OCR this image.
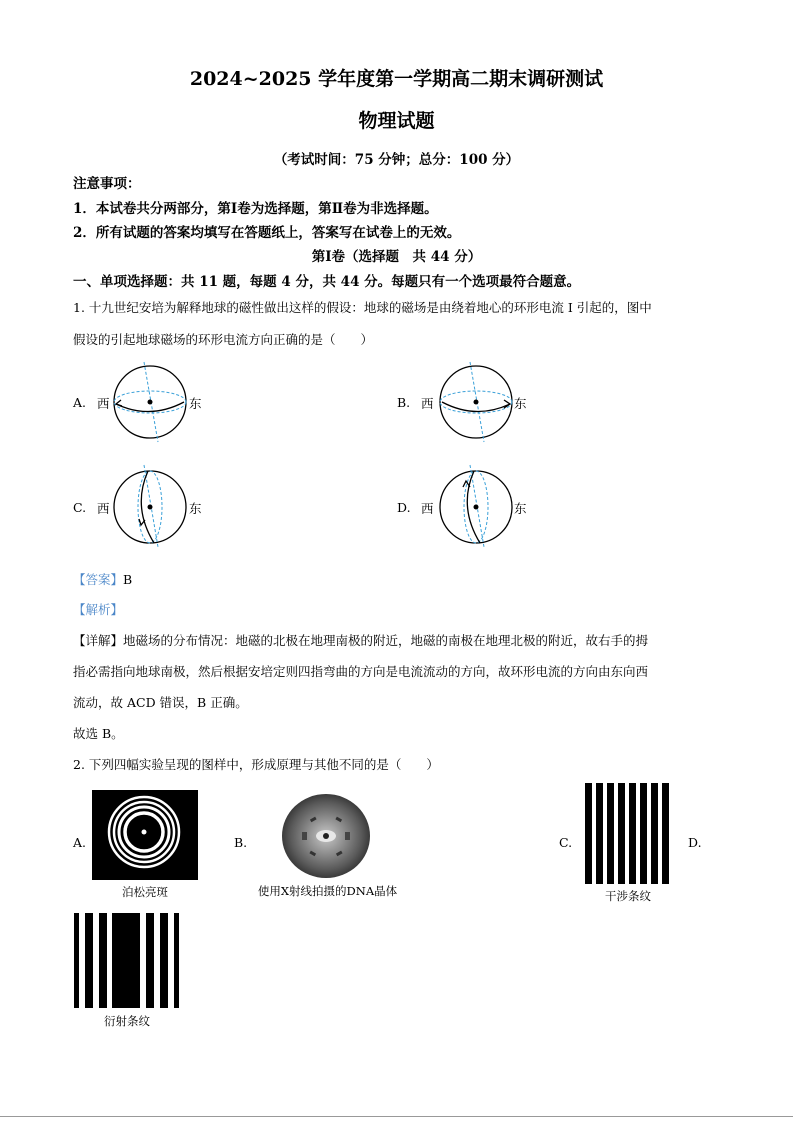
2024~2025 学年度第一学期高二期末调研测试
物理试题
（考试时间：75 分钟；总分：100 分）
注意事项：
1．本试卷共分两部分，第Ⅰ卷为选择题，第Ⅱ卷为非选择题。
2．所有试题的答案均填写在答题纸上，答案写在试卷上的无效。
第Ⅰ卷（选择题　共 44 分）
一、单项选择题：共 11 题，每题 4 分，共 44 分。每题只有一个选项最符合题意。
1. 十九世纪安培为解释地球的磁性做出这样的假设：地球的磁场是由绕着地心的环形电流 I 引起的，图中
假设的引起地球磁场的环形电流方向正确的是（　　）
A. 西	东	B. 西	东
C. 西	东	D. 西	东
【答案】B
【解析】
【详解】地磁场的分布情况：地磁的北极在地理南极的附近，地磁的南极在地理北极的附近，故右手的拇
指必需指向地球南极，然后根据安培定则四指弯曲的方向是电流流动的方向，故环形电流的方向由东向西
流动，故 ACD 错误，B 正确。
故选 B。
2. 下列四幅实验呈现的图样中，形成原理与其他不同的是（　　）
A.
泊松亮斑
B.
使用X射线拍摄的DNA晶体
C.
干涉条纹
D.
衍射条纹
